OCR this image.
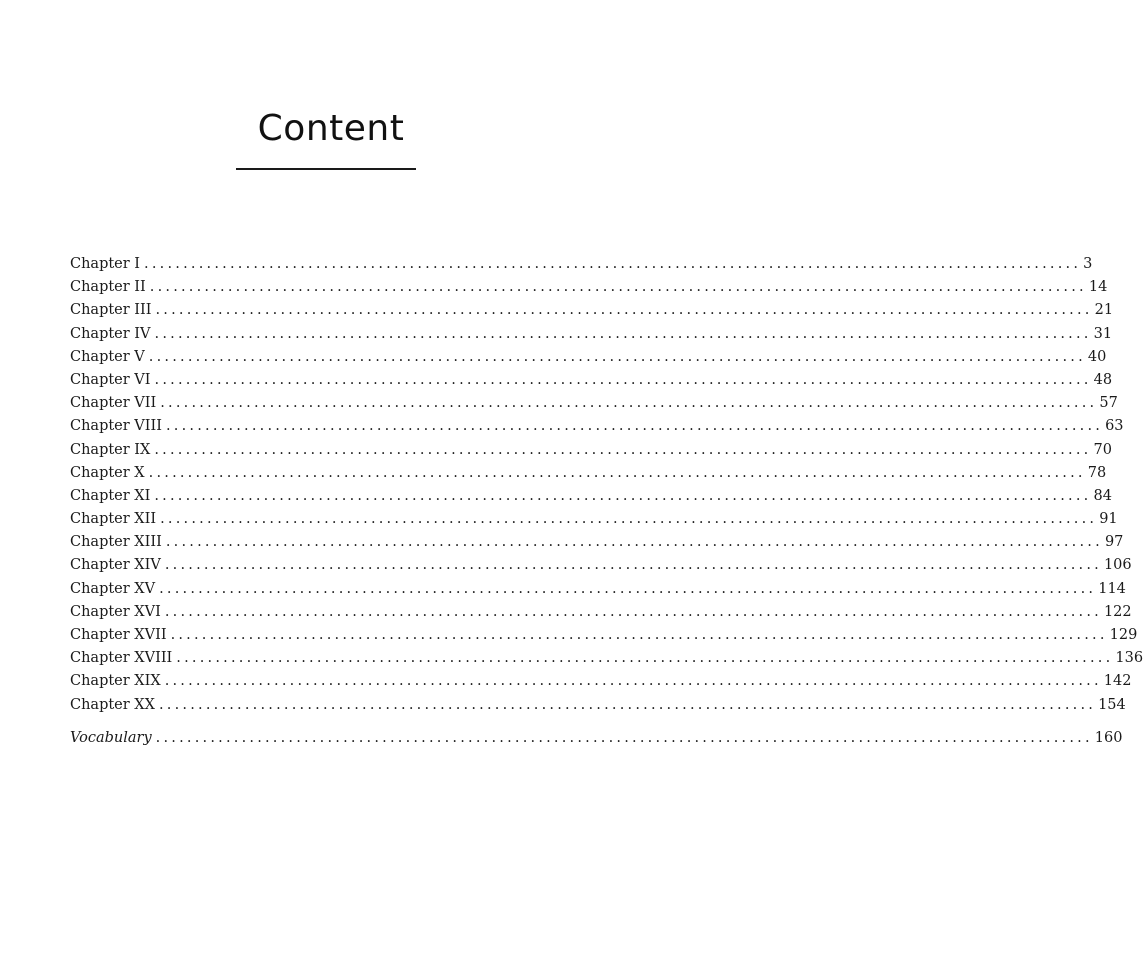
Content
Chapter I ........................................................................................................................ 3
Chapter II ........................................................................................................................ 14
Chapter III ........................................................................................................................ 21
Chapter IV ........................................................................................................................ 31
Chapter V ........................................................................................................................ 40
Chapter VI ........................................................................................................................ 48
Chapter VII ........................................................................................................................ 57
Chapter VIII ........................................................................................................................ 63
Chapter IX ........................................................................................................................ 70
Chapter X ........................................................................................................................ 78
Chapter XI ........................................................................................................................ 84
Chapter XII ........................................................................................................................ 91
Chapter XIII ........................................................................................................................ 97
Chapter XIV ........................................................................................................................ 106
Chapter XV ........................................................................................................................ 114
Chapter XVI ........................................................................................................................ 122
Chapter XVII ........................................................................................................................ 129
Chapter XVIII ........................................................................................................................ 136
Chapter XIX ........................................................................................................................ 142
Chapter XX ........................................................................................................................ 154
Vocabulary ........................................................................................................................ 160
